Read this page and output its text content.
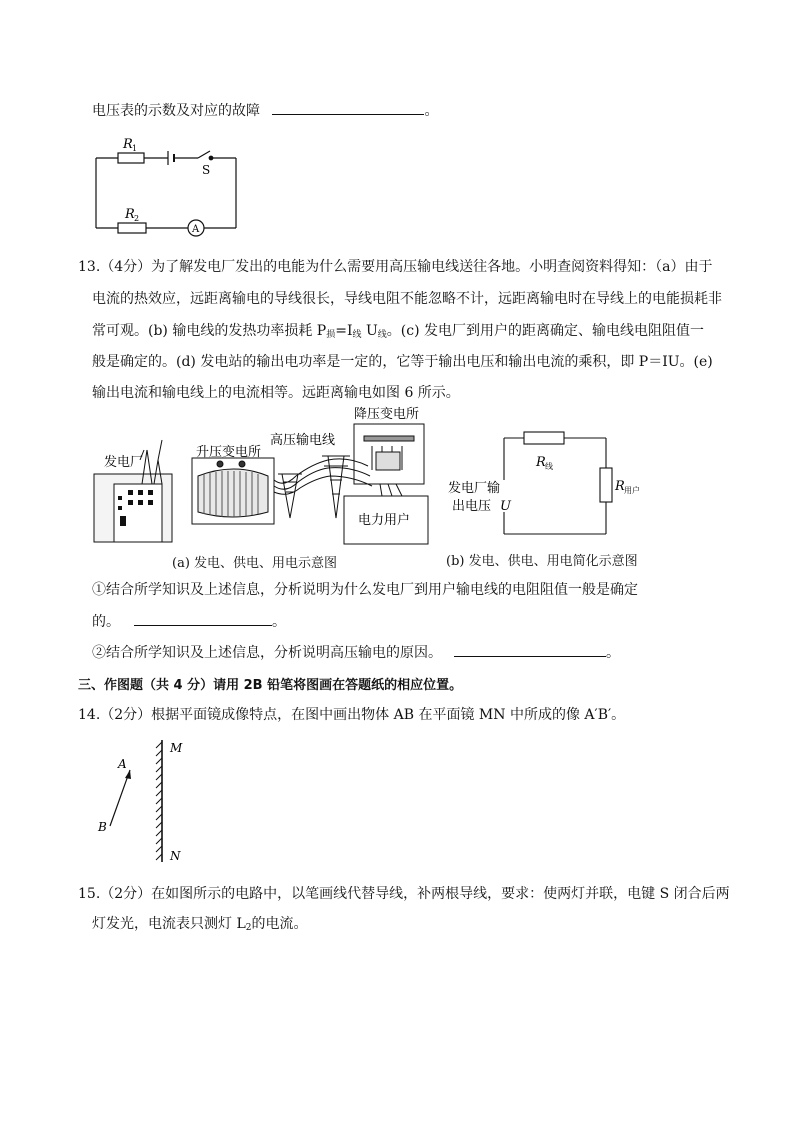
电压表的示数及对应的故障	。
R 1
S
R 2
A
13.（4分）为了解发电厂发出的电能为什么需要用高压输电线送往各地。小明查阅资料得知：（a）由于
电流的热效应，远距离输电的导线很长，导线电阻不能忽略不计，远距离输电时在导线上的电能损耗非
常可观。(b) 输电线的发热功率损耗 $P_损=I_线$ $U_线$。(c) 发电厂到用户的距离确定、输电线电阻阻值一
般是确定的。(d) 发电站的输出电功率是一定的，它等于输出电压和输出电流的乘积，即 P＝IU。(e)
输出电流和输电线上的电流相等。远距离输电如图 6 所示。
发电厂
升压变电所
高压输电线
降压变电所
电力用户
(a) 发电、供电、用电示意图
R 线
R 用户
发电厂输
出电压 U
(b) 发电、供电、用电简化示意图
①结合所学知识及上述信息，分析说明为什么发电厂到用户输电线的电阻阻值一般是确定
的。	。
②结合所学知识及上述信息，分析说明高压输电的原因。	。
三、作图题（共 4 分）请用 2B 铅笔将图画在答题纸的相应位置。
14.（2分）根据平面镜成像特点，在图中画出物体 AB 在平面镜 MN 中所成的像 A′B′。
A
B
M
N
15.（2分）在如图所示的电路中，以笔画线代替导线，补两根导线，要求：使两灯并联，电键 S 闭合后两
灯发光，电流表只测灯 $L_2$的电流。
